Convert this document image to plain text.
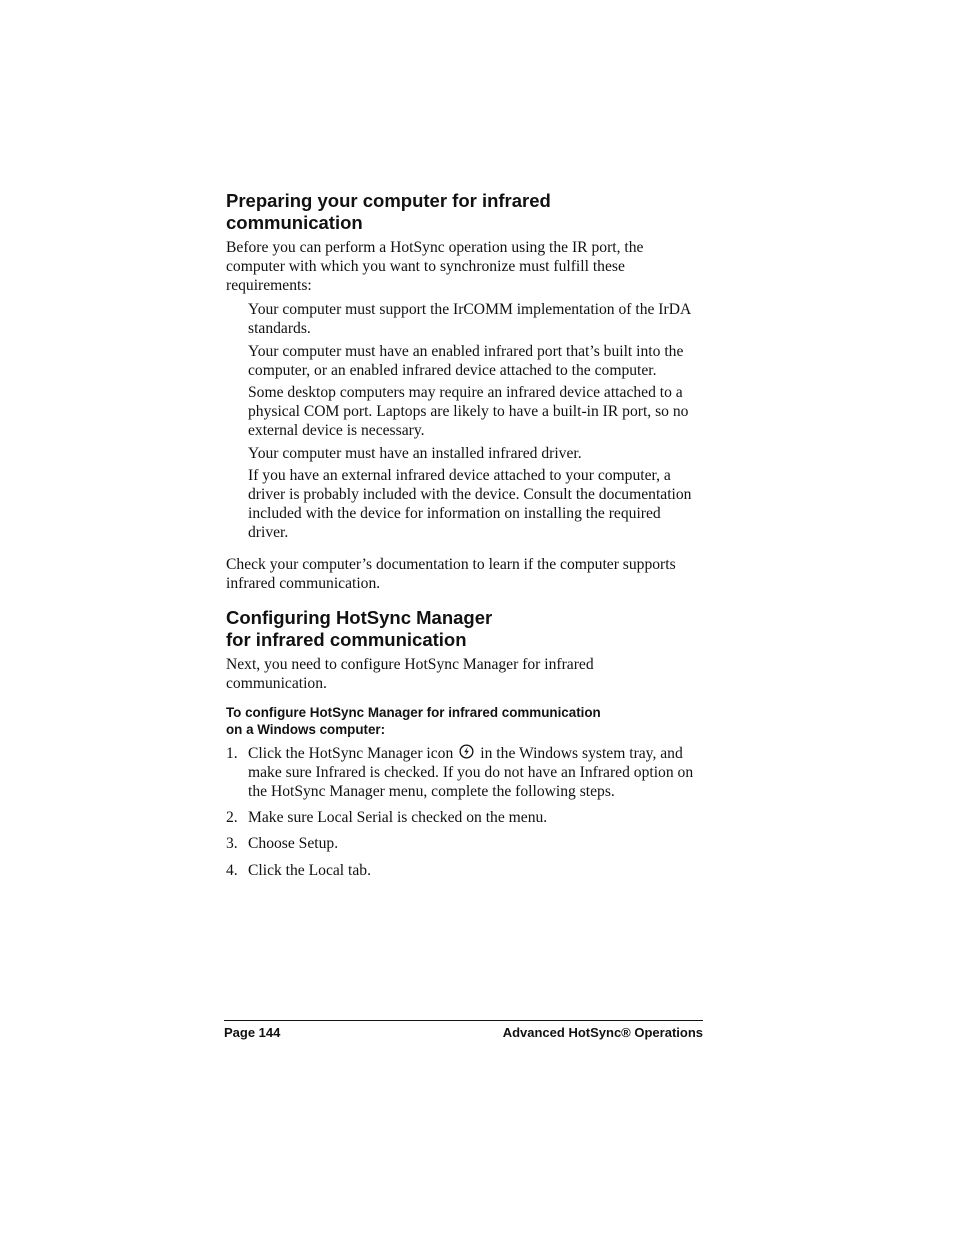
Preparing your computer for infrared
communication

Before you can perform a HotSync operation using the IR port, the computer with which you want to synchronize must fulfill these requirements:

Your computer must support the IrCOMM implementation of the IrDA standards.

Your computer must have an enabled infrared port that’s built into the computer, or an enabled infrared device attached to the computer.

Some desktop computers may require an infrared device attached to a physical COM port. Laptops are likely to have a built-in IR port, so no external device is necessary.

Your computer must have an installed infrared driver.

If you have an external infrared device attached to your computer, a driver is probably included with the device. Consult the documentation included with the device for information on installing the required driver.

Check your computer’s documentation to learn if the computer supports infrared communication.

Configuring HotSync Manager
for infrared communication

Next, you need to configure HotSync Manager for infrared communication.

To configure HotSync Manager for infrared communication
on a Windows computer:

1. Click the HotSync Manager icon in the Windows system tray, and make sure Infrared is checked. If you do not have an Infrared option on the HotSync Manager menu, complete the following steps.
2. Make sure Local Serial is checked on the menu.
3. Choose Setup.
4. Click the Local tab.
Page 144	Advanced HotSync® Operations
